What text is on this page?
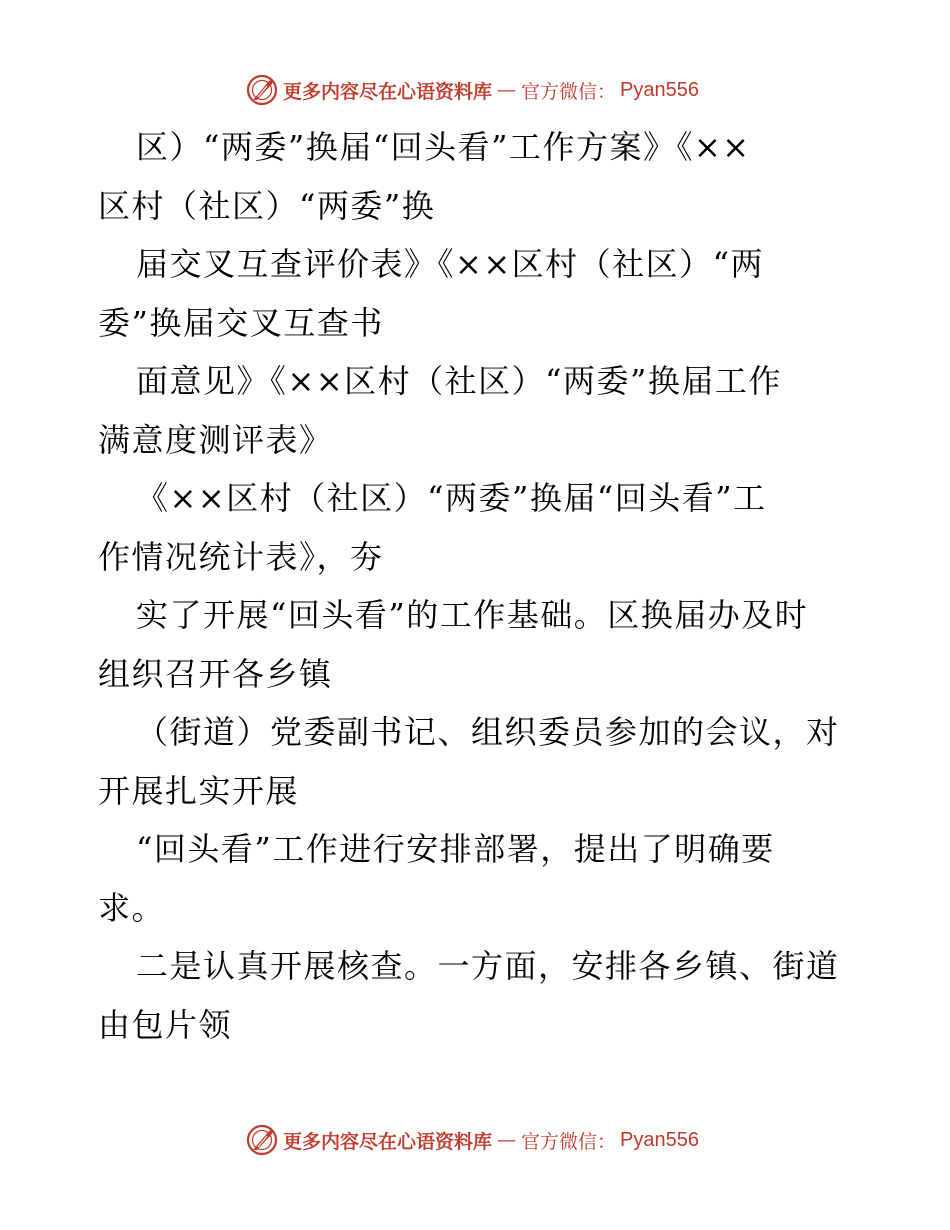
更多内容尽在心语资料库 — 官方微信： Pyan556
区）“两委”换届“回头看”工作方案》《××
区村（社区）“两委”换
届交叉互查评价表》《××区村（社区）“两
委”换届交叉互查书
面意见》《××区村（社区）“两委”换届工作
满意度测评表》
《××区村（社区）“两委”换届“回头看”工
作情况统计表》，夯
实了开展“回头看”的工作基础。区换届办及时
组织召开各乡镇
（街道）党委副书记、组织委员参加的会议，对
开展扎实开展
“回头看”工作进行安排部署，提出了明确要
求。
二是认真开展核查。一方面，安排各乡镇、街道
由包片领
更多内容尽在心语资料库 — 官方微信： Pyan556
